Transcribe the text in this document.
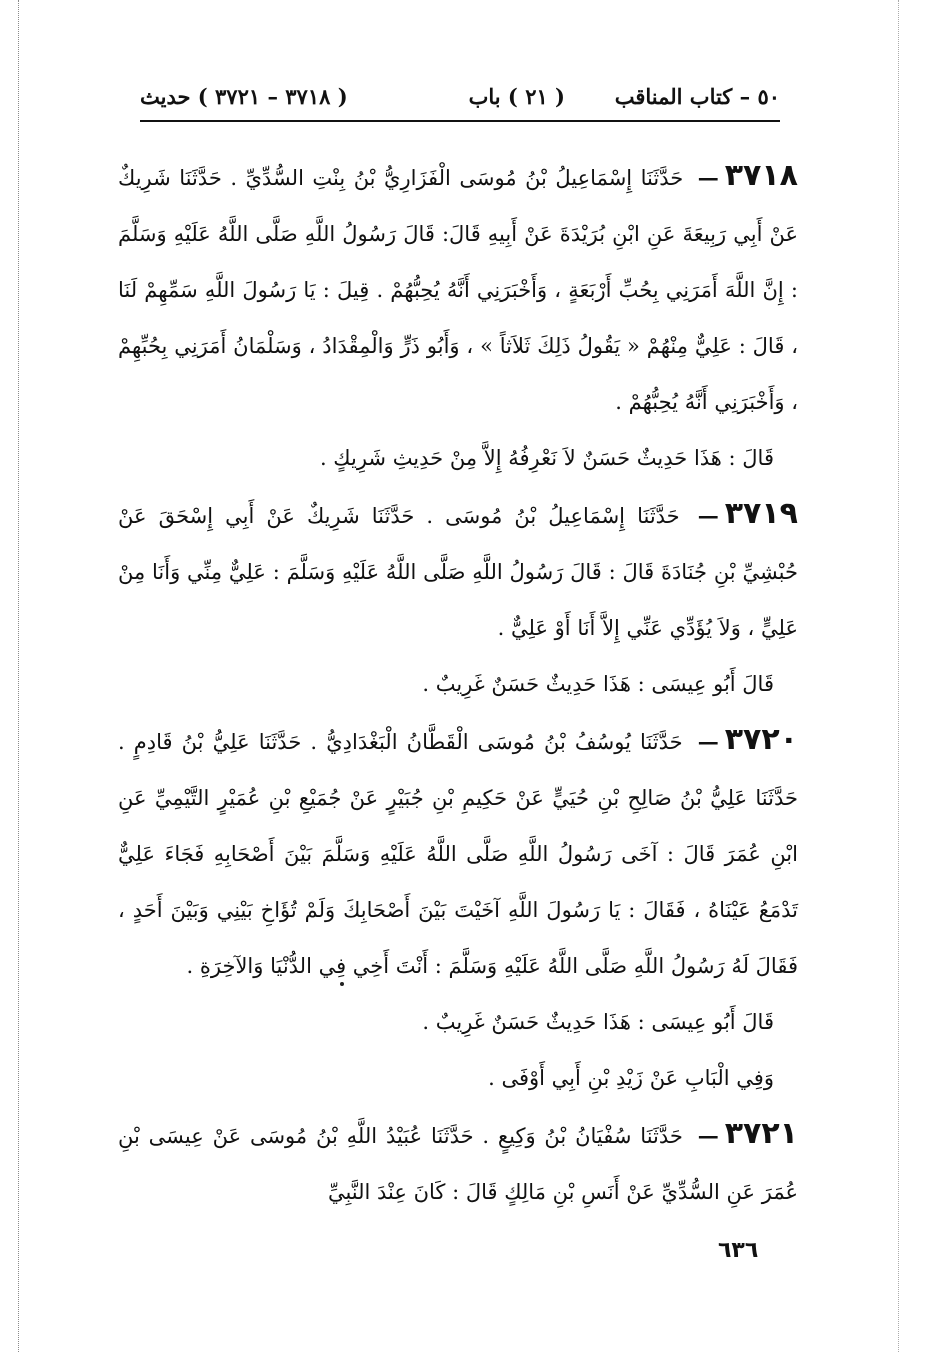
٥٠ – كتاب المناقب
( ٢١ ) باب
( ٣٧١٨ – ٣٧٢١ ) حديث
٣٧١٨— حَدَّثَنَا إِسْمَاعِيلُ بْنُ مُوسَى الْفَزَارِيُّ بْنُ بِنْتِ السُّدِّيِّ . حَدَّثَنَا شَرِيكٌ عَنْ أَبِي رَبِيعَةَ عَنِ ابْنِ بُرَيْدَةَ عَنْ أَبِيهِ قَالَ: قَالَ رَسُولُ اللَّهِ صَلَّى اللَّهُ عَلَيْهِ وَسَلَّمَ : إِنَّ اللَّهَ أَمَرَنِي بِحُبِّ أَرْبَعَةٍ ، وَأَخْبَرَنِي أَنَّهُ يُحِبُّهُمْ . قِيلَ : يَا رَسُولَ اللَّهِ سَمِّهِمْ لَنَا ، قَالَ : عَلِيٌّ مِنْهُمْ « يَقُولُ ذَلِكَ ثَلاَثاً » ، وَأَبُو ذَرٍّ وَالْمِقْدَادُ ، وَسَلْمَانُ أَمَرَنِي بِحُبِّهِمْ ، وَأَخْبَرَنِي أَنَّهُ يُحِبُّهُمْ .
قَالَ : هَذَا حَدِيثٌ حَسَنٌ لاَ نَعْرِفُهُ إِلاَّ مِنْ حَدِيثِ شَرِيكٍ .
٣٧١٩— حَدَّثَنَا إِسْمَاعِيلُ بْنُ مُوسَى . حَدَّثَنَا شَرِيكٌ عَنْ أَبِي إِسْحَقَ عَنْ حُبْشِيِّ بْنِ جُنَادَةَ قَالَ : قَالَ رَسُولُ اللَّهِ صَلَّى اللَّهُ عَلَيْهِ وَسَلَّمَ : عَلِيٌّ مِنِّي وَأَنَا مِنْ عَلِيٍّ ، وَلاَ يُؤَدِّي عَنِّي إِلاَّ أَنَا أَوْ عَلِيٌّ .
قَالَ أَبُو عِيسَى : هَذَا حَدِيثٌ حَسَنٌ غَرِيبٌ .
٣٧٢٠— حَدَّثَنَا يُوسُفُ بْنُ مُوسَى الْقَطَّانُ الْبَغْدَادِيُّ . حَدَّثَنَا عَلِيُّ بْنُ قَادِمٍ . حَدَّثَنَا عَلِيُّ بْنُ صَالِحِ بْنِ حُيَيٍّ عَنْ حَكِيمِ بْنِ جُبَيْرٍ عَنْ جُمَيْعِ بْنِ عُمَيْرٍ التَّيْمِيِّ عَنِ ابْنِ عُمَرَ قَالَ : آخَى رَسُولُ اللَّهِ صَلَّى اللَّهُ عَلَيْهِ وَسَلَّمَ بَيْنَ أَصْحَابِهِ فَجَاءَ عَلِيٌّ تَدْمَعُ عَيْنَاهُ ، فَقَالَ : يَا رَسُولَ اللَّهِ آخَيْتَ بَيْنَ أَصْحَابِكَ وَلَمْ تُؤَاخِ بَيْنِي وَبَيْنَ أَحَدٍ ، فَقَالَ لَهُ رَسُولُ اللَّهِ صَلَّى اللَّهُ عَلَيْهِ وَسَلَّمَ : أَنْتَ أَخِي فِي الدُّنْيَا وَالآخِرَةِ .
قَالَ أَبُو عِيسَى : هَذَا حَدِيثٌ حَسَنٌ غَرِيبٌ .
وَفِي الْبَابِ عَنْ زَيْدِ بْنِ أَبِي أَوْفَى .
٣٧٢١— حَدَّثَنَا سُفْيَانُ بْنُ وَكِيعٍ . حَدَّثَنَا عُبَيْدُ اللَّهِ بْنُ مُوسَى عَنْ عِيسَى بْنِ عُمَرَ عَنِ السُّدِّيِّ عَنْ أَنَسِ بْنِ مَالِكٍ قَالَ : كَانَ عِنْدَ النَّبِيِّ
٦٣٦
